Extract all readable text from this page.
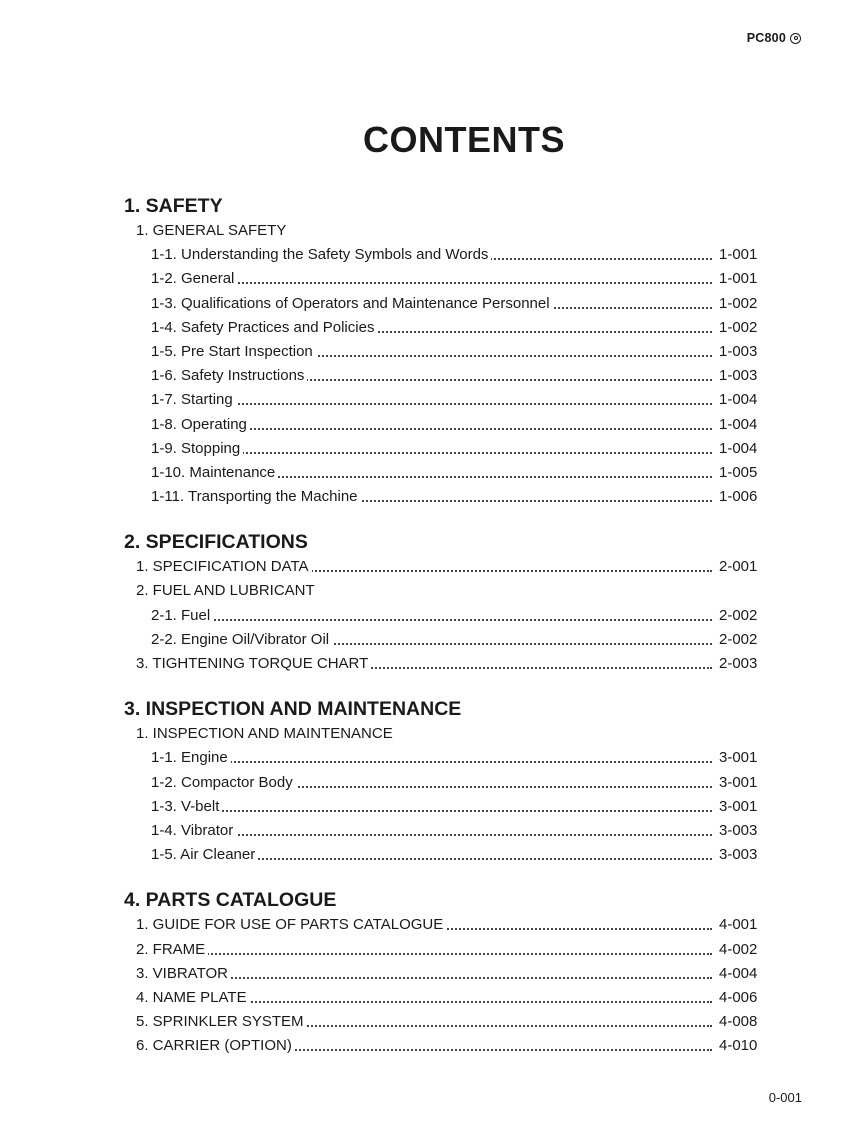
PC800
CONTENTS
1. SAFETY
1. GENERAL SAFETY
1-1. Understanding the Safety Symbols and Words	1-001
1-2. General	1-001
1-3. Qualifications of Operators and Maintenance Personnel	1-002
1-4. Safety Practices and Policies	1-002
1-5. Pre Start Inspection	1-003
1-6. Safety Instructions	1-003
1-7. Starting	1-004
1-8. Operating	1-004
1-9. Stopping	1-004
1-10. Maintenance	1-005
1-11. Transporting the Machine	1-006
2. SPECIFICATIONS
1. SPECIFICATION DATA	2-001
2. FUEL AND LUBRICANT
2-1. Fuel	2-002
2-2. Engine Oil/Vibrator Oil	2-002
3. TIGHTENING TORQUE CHART	2-003
3. INSPECTION AND MAINTENANCE
1. INSPECTION AND MAINTENANCE
1-1. Engine	3-001
1-2. Compactor Body	3-001
1-3. V-belt	3-001
1-4. Vibrator	3-003
1-5. Air Cleaner	3-003
4. PARTS CATALOGUE
1. GUIDE FOR USE OF PARTS CATALOGUE	4-001
2. FRAME	4-002
3. VIBRATOR	4-004
4. NAME PLATE	4-006
5. SPRINKLER SYSTEM	4-008
6. CARRIER (OPTION)	4-010
0-001
